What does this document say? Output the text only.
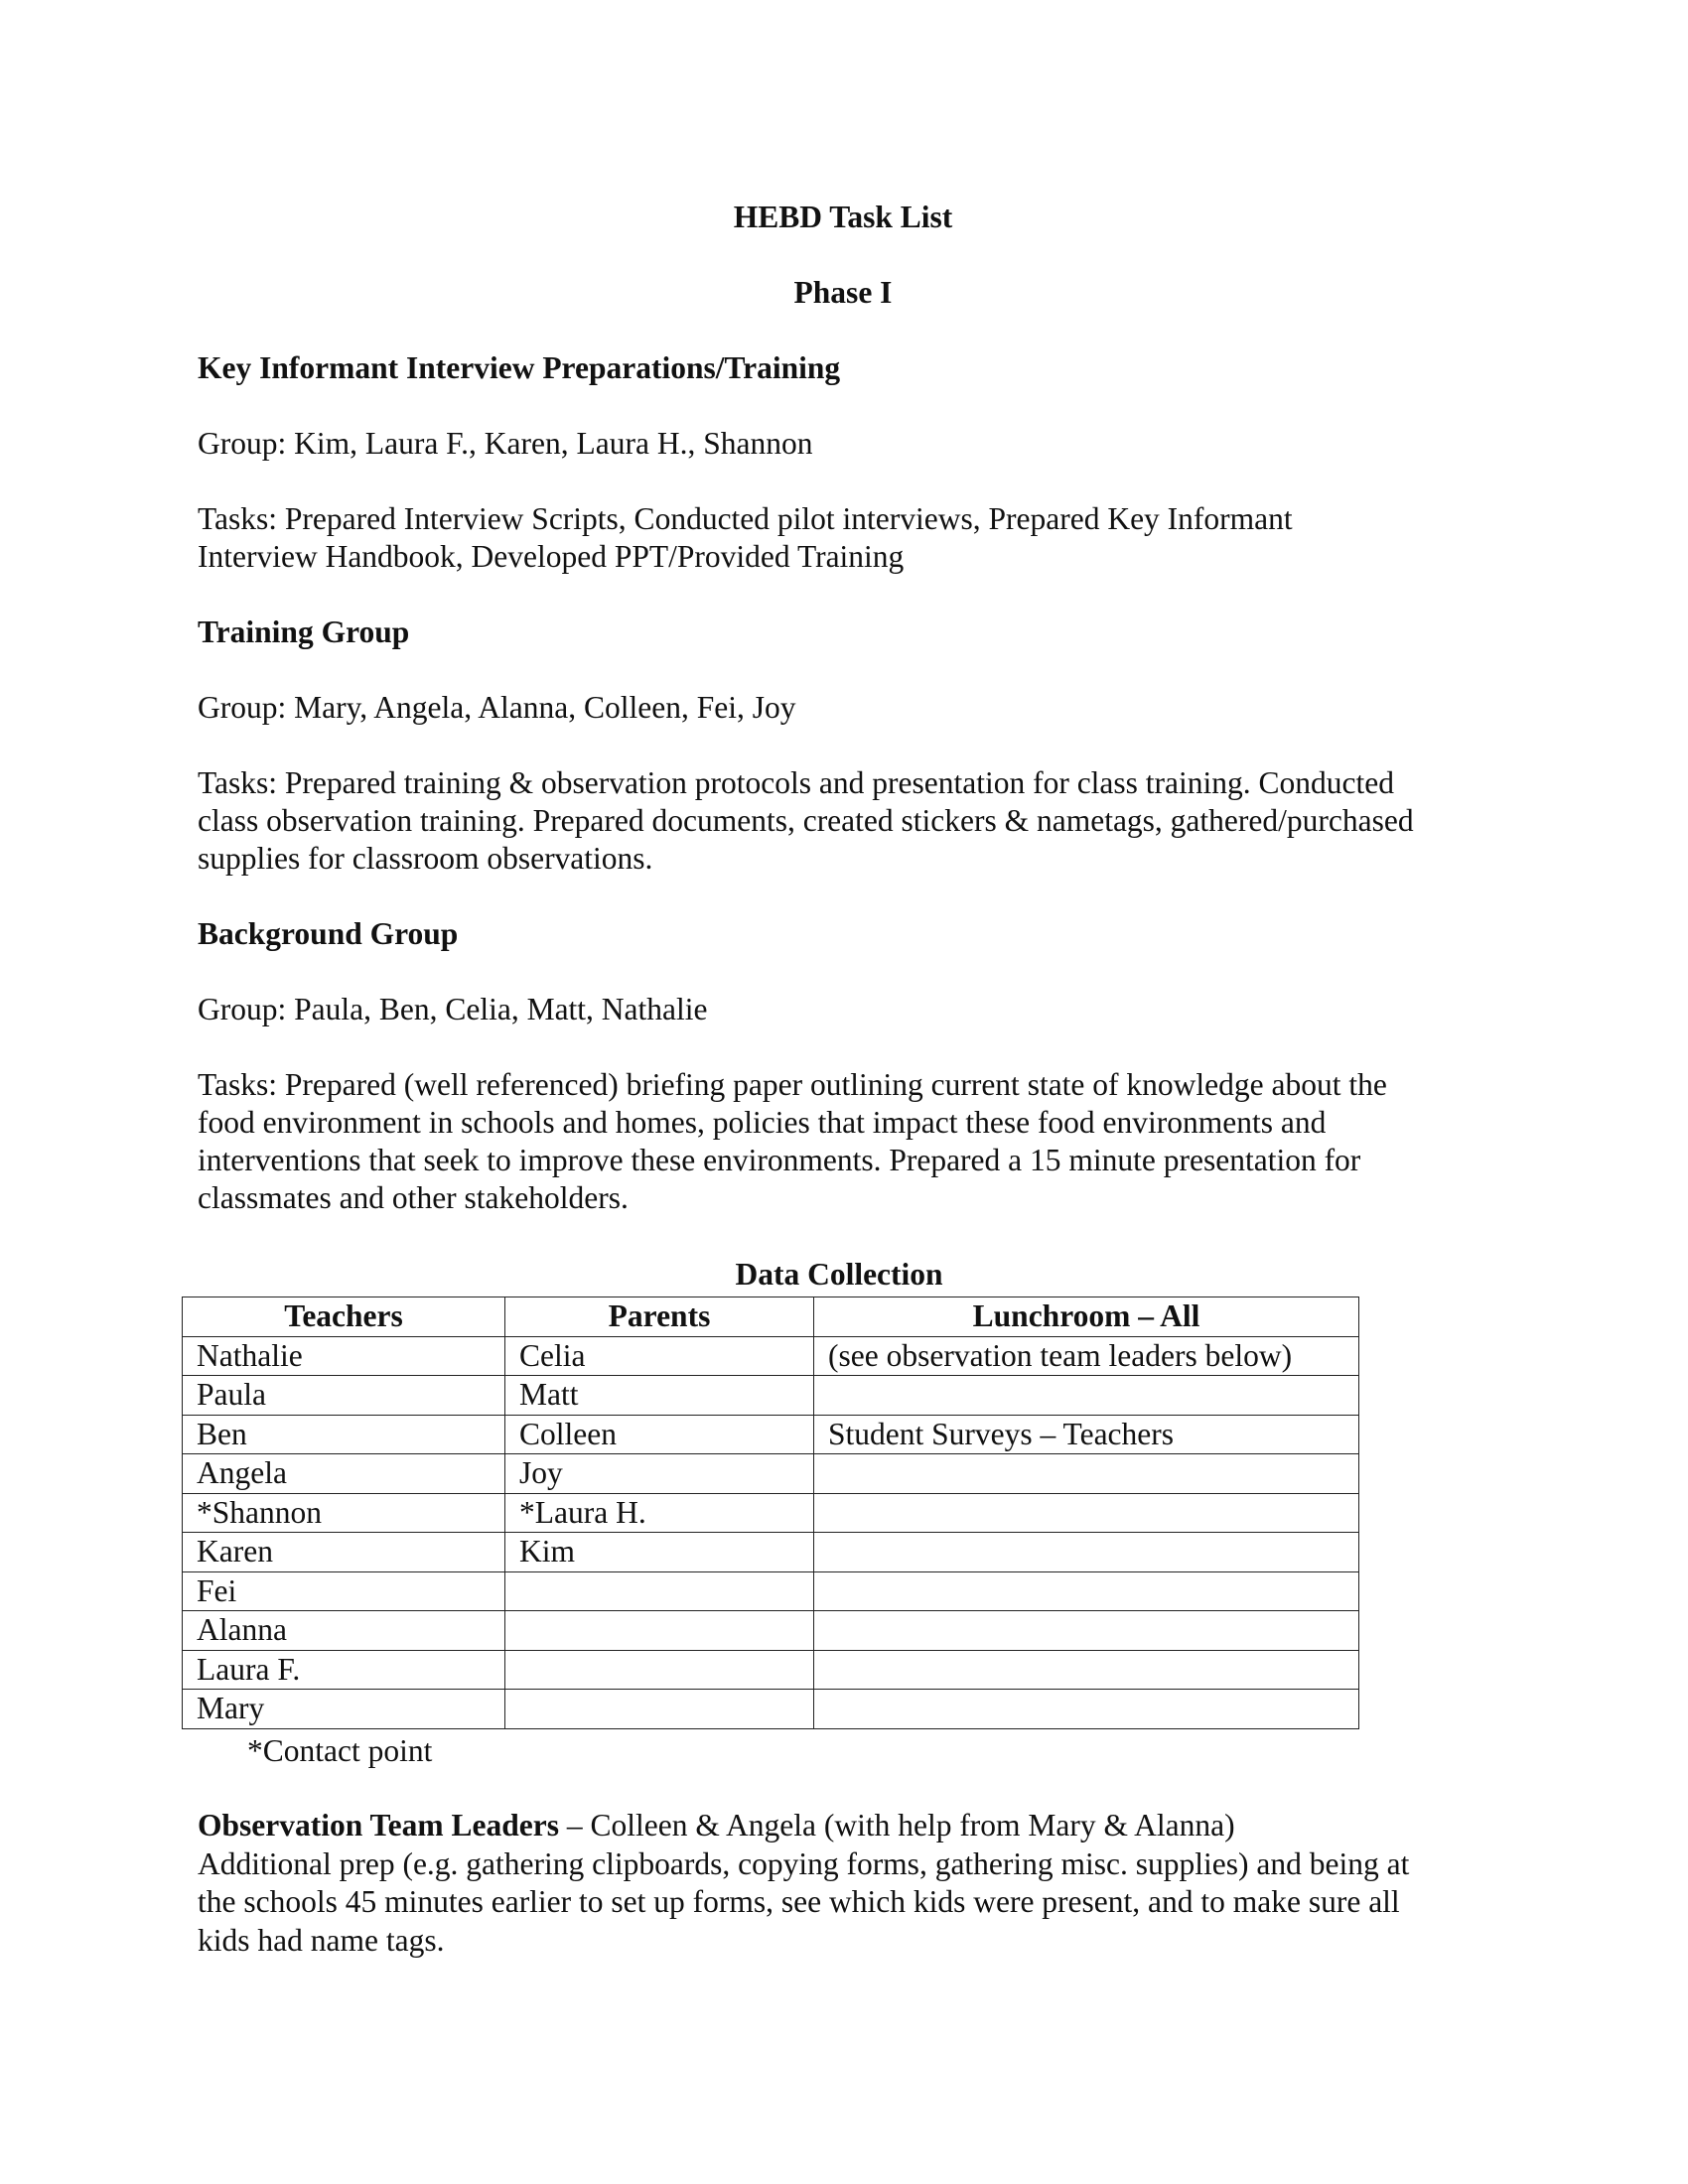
HEBD Task List
Phase I
Key Informant Interview Preparations/Training
Group: Kim, Laura F., Karen, Laura H., Shannon
Tasks: Prepared Interview Scripts, Conducted pilot interviews, Prepared Key Informant
Interview Handbook, Developed PPT/Provided Training
Training Group
Group: Mary, Angela, Alanna, Colleen, Fei, Joy
Tasks: Prepared training & observation protocols and presentation for class training. Conducted
class observation training. Prepared documents, created stickers & nametags, gathered/purchased
supplies for classroom observations.
Background Group
Group: Paula, Ben, Celia, Matt, Nathalie
Tasks: Prepared (well referenced) briefing paper outlining current state of knowledge about the
food environment in schools and homes, policies that impact these food environments and
interventions that seek to improve these environments. Prepared a 15 minute presentation for
classmates and other stakeholders.
Data Collection
Teachers	Parents	Lunchroom – All
Nathalie	Celia	(see observation team leaders below)
Paula	Matt	
Ben	Colleen	Student Surveys – Teachers
Angela	Joy	
*Shannon	*Laura H.	
Karen	Kim	
Fei		
Alanna		
Laura F.		
Mary		
*Contact point
Observation Team Leaders – Colleen & Angela (with help from Mary & Alanna)
Additional prep (e.g. gathering clipboards, copying forms, gathering misc. supplies) and being at
the schools 45 minutes earlier to set up forms, see which kids were present, and to make sure all
kids had name tags.
